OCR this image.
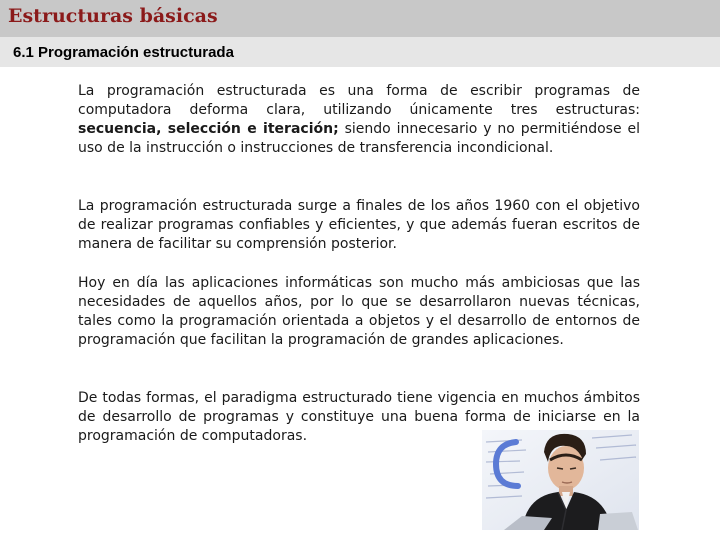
Estructuras básicas
6.1 Programación estructurada

La programación estructurada es una forma de escribir programas de computadora deforma clara, utilizando únicamente tres estructuras: secuencia, selección e iteración; siendo innecesario y no permitiéndose el uso de la instrucción o instrucciones de transferencia incondicional.

La programación estructurada surge a finales de los años 1960 con el objetivo de realizar programas confiables y eficientes, y que además fueran escritos de manera de facilitar su comprensión posterior.

Hoy en día las aplicaciones informáticas son mucho más ambiciosas que las necesidades de aquellos años, por lo que se desarrollaron nuevas técnicas, tales como la programación orientada a objetos y el desarrollo de entornos de programación que facilitan la programación de grandes aplicaciones.

De todas formas, el paradigma estructurado tiene vigencia en muchos ámbitos de desarrollo de programas y constituye una buena forma de iniciarse en la programación de computadoras.
